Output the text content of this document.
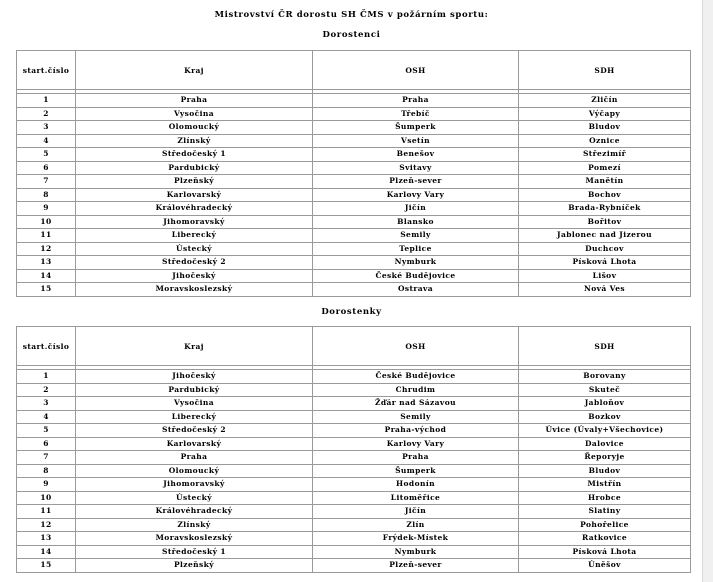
Mistrovství ČR dorostu SH ČMS v požárním sportu:
Dorostenci
start.číslo	Kraj	OSH	SDH

1	Praha	Praha	Zličín
2	Vysočina	Třebíč	Výčapy
3	Olomoucký	Šumperk	Bludov
4	Zlínský	Vsetín	Oznice
5	Středočeský 1	Benešov	Střezimíř
6	Pardubický	Svitavy	Pomezí
7	Plzeňský	Plzeň-sever	Manětín
8	Karlovarský	Karlovy Vary	Bochov
9	Královéhradecký	Jičín	Brada-Rybníček
10	Jihomoravský	Blansko	Bořitov
11	Liberecký	Semily	Jablonec nad Jizerou
12	Ústecký	Teplice	Duchcov
13	Středočeský 2	Nymburk	Písková Lhota
14	Jihočeský	České Budějovice	Lišov
15	Moravskoslezský	Ostrava	Nová Ves
Dorostenky
start.číslo	Kraj	OSH	SDH

1	Jihočeský	České Budějovice	Borovany
2	Pardubický	Chrudim	Skuteč
3	Vysočina	Žďár nad Sázavou	Jabloňov
4	Liberecký	Semily	Bozkov
5	Středočeský 2	Praha-východ	Úvice (Úvaly+Všechovice)
6	Karlovarský	Karlovy Vary	Dalovice
7	Praha	Praha	Řeporyje
8	Olomoucký	Šumperk	Bludov
9	Jihomoravský	Hodonín	Mistřín
10	Ústecký	Litoměřice	Hrobce
11	Královéhradecký	Jičín	Slatiny
12	Zlínský	Zlín	Pohořelice
13	Moravskoslezský	Frýdek-Místek	Ratkovice
14	Středočeský 1	Nymburk	Písková Lhota
15	Plzeňský	Plzeň-sever	Úněšov
